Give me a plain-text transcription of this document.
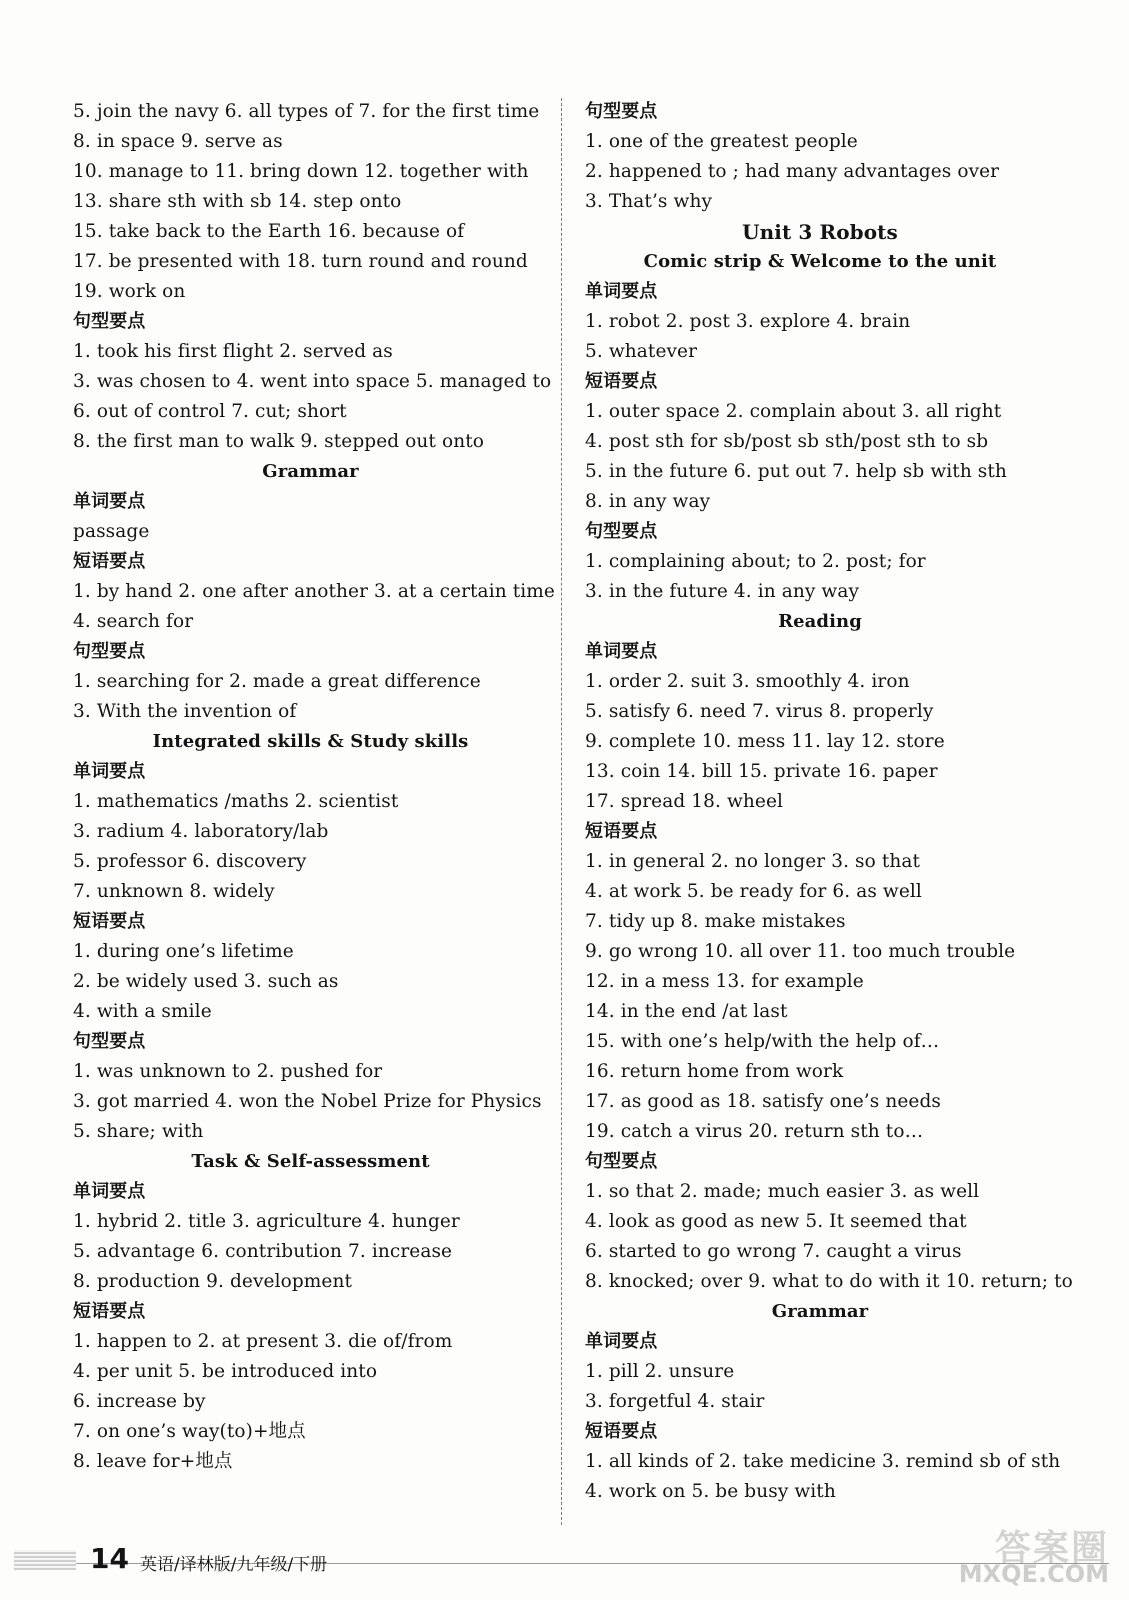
5. join the navy 6. all types of 7. for the first time
8. in space 9. serve as
10. manage to 11. bring down 12. together with
13. share sth with sb 14. step onto
15. take back to the Earth 16. because of
17. be presented with 18. turn round and round
19. work on
句型要点
1. took his first flight 2. served as
3. was chosen to 4. went into space 5. managed to
6. out of control 7. cut; short
8. the first man to walk 9. stepped out onto
Grammar
单词要点
passage
短语要点
1. by hand 2. one after another 3. at a certain time
4. search for
句型要点
1. searching for 2. made a great difference
3. With the invention of
Integrated skills & Study skills
单词要点
1. mathematics /maths 2. scientist
3. radium 4. laboratory/lab
5. professor 6. discovery
7. unknown 8. widely
短语要点
1. during one’s lifetime
2. be widely used 3. such as
4. with a smile
句型要点
1. was unknown to 2. pushed for
3. got married 4. won the Nobel Prize for Physics
5. share; with
Task & Self-assessment
单词要点
1. hybrid 2. title 3. agriculture 4. hunger
5. advantage 6. contribution 7. increase
8. production 9. development
短语要点
1. happen to 2. at present 3. die of/from
4. per unit 5. be introduced into
6. increase by
7. on one’s way(to)+地点
8. leave for+地点
句型要点
1. one of the greatest people
2. happened to ; had many advantages over
3. That’s why
Unit 3 Robots
Comic strip & Welcome to the unit
单词要点
1. robot 2. post 3. explore 4. brain
5. whatever
短语要点
1. outer space 2. complain about 3. all right
4. post sth for sb/post sb sth/post sth to sb
5. in the future 6. put out 7. help sb with sth
8. in any way
句型要点
1. complaining about; to 2. post; for
3. in the future 4. in any way
Reading
单词要点
1. order 2. suit 3. smoothly 4. iron
5. satisfy 6. need 7. virus 8. properly
9. complete 10. mess 11. lay 12. store
13. coin 14. bill 15. private 16. paper
17. spread 18. wheel
短语要点
1. in general 2. no longer 3. so that
4. at work 5. be ready for 6. as well
7. tidy up 8. make mistakes
9. go wrong 10. all over 11. too much trouble
12. in a mess 13. for example
14. in the end /at last
15. with one’s help/with the help of…
16. return home from work
17. as good as 18. satisfy one’s needs
19. catch a virus 20. return sth to…
句型要点
1. so that 2. made; much easier 3. as well
4. look as good as new 5. It seemed that
6. started to go wrong 7. caught a virus
8. knocked; over 9. what to do with it 10. return; to
Grammar
单词要点
1. pill 2. unsure
3. forgetful 4. stair
短语要点
1. all kinds of 2. take medicine 3. remind sb of sth
4. work on 5. be busy with
14 英语/译林版/九年级/下册	答案圈
MXQE.COM
